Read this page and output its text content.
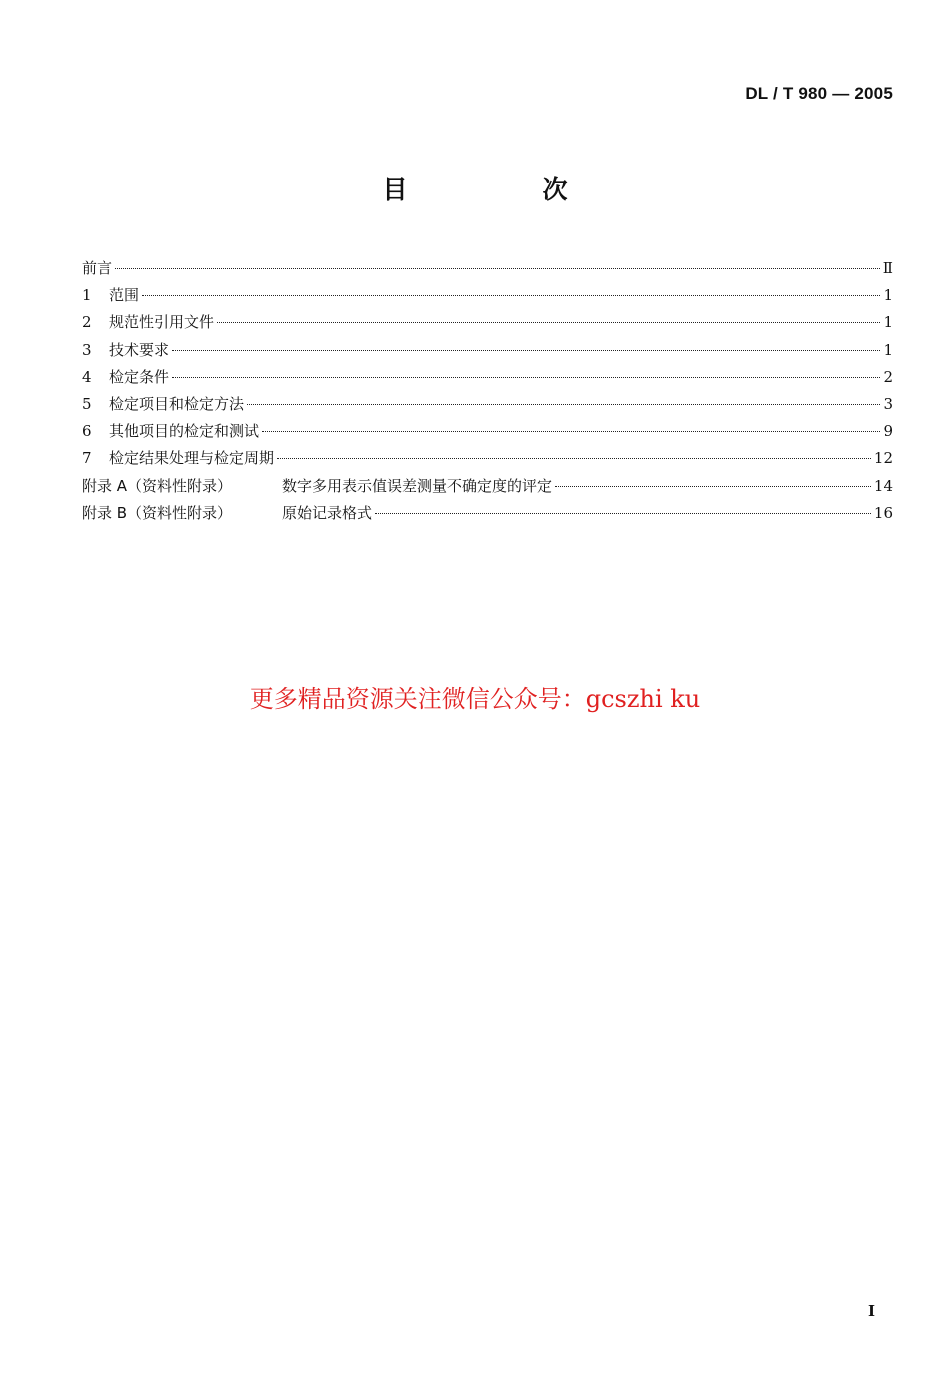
DL / T 980 — 2005
目　次
前言	Ⅱ
1	范围	1
2	规范性引用文件	1
3	技术要求	1
4	检定条件	2
5	检定项目和检定方法	3
6	其他项目的检定和测试	9
7	检定结果处理与检定周期	12
附录 A（资料性附录）	数字多用表示值误差测量不确定度的评定	14
附录 B（资料性附录）	原始记录格式	16
更多精品资源关注微信公众号：gcszhi ku
I
